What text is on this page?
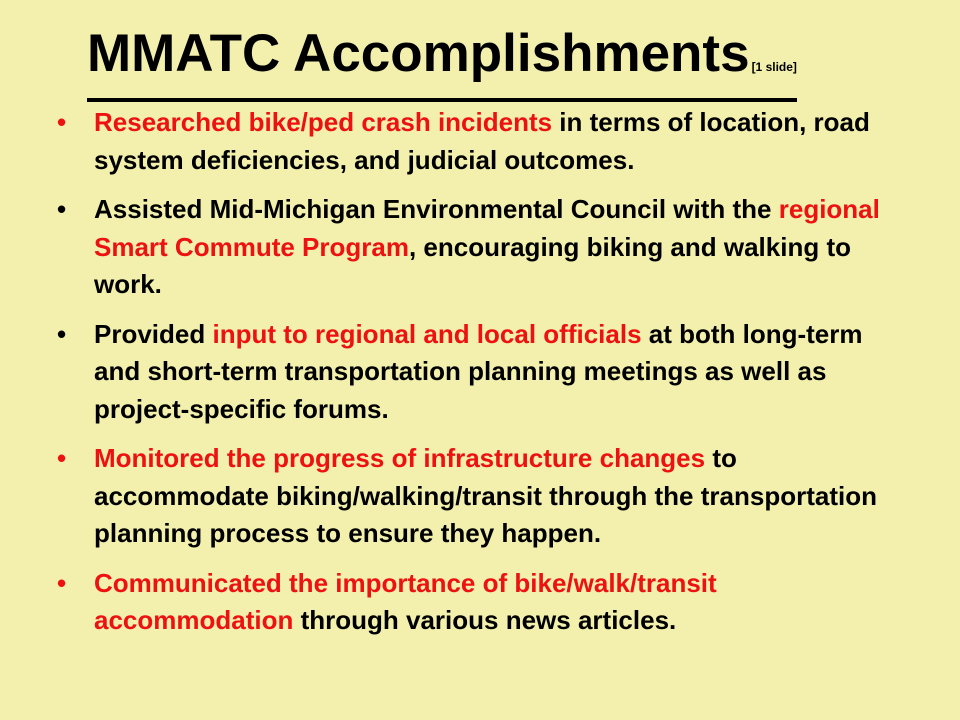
MMATC Accomplishments [1 slide]
• Researched bike/ped crash incidents in terms of location, road system deficiencies, and judicial outcomes.
• Assisted Mid-Michigan Environmental Council with the regional Smart Commute Program, encouraging biking and walking to work.
• Provided input to regional and local officials at both long-term and short-term transportation planning meetings as well as project-specific forums.
• Monitored the progress of infrastructure changes to accommodate biking/walking/transit through the transportation planning process to ensure they happen.
• Communicated the importance of bike/walk/transit accommodation through various news articles.
